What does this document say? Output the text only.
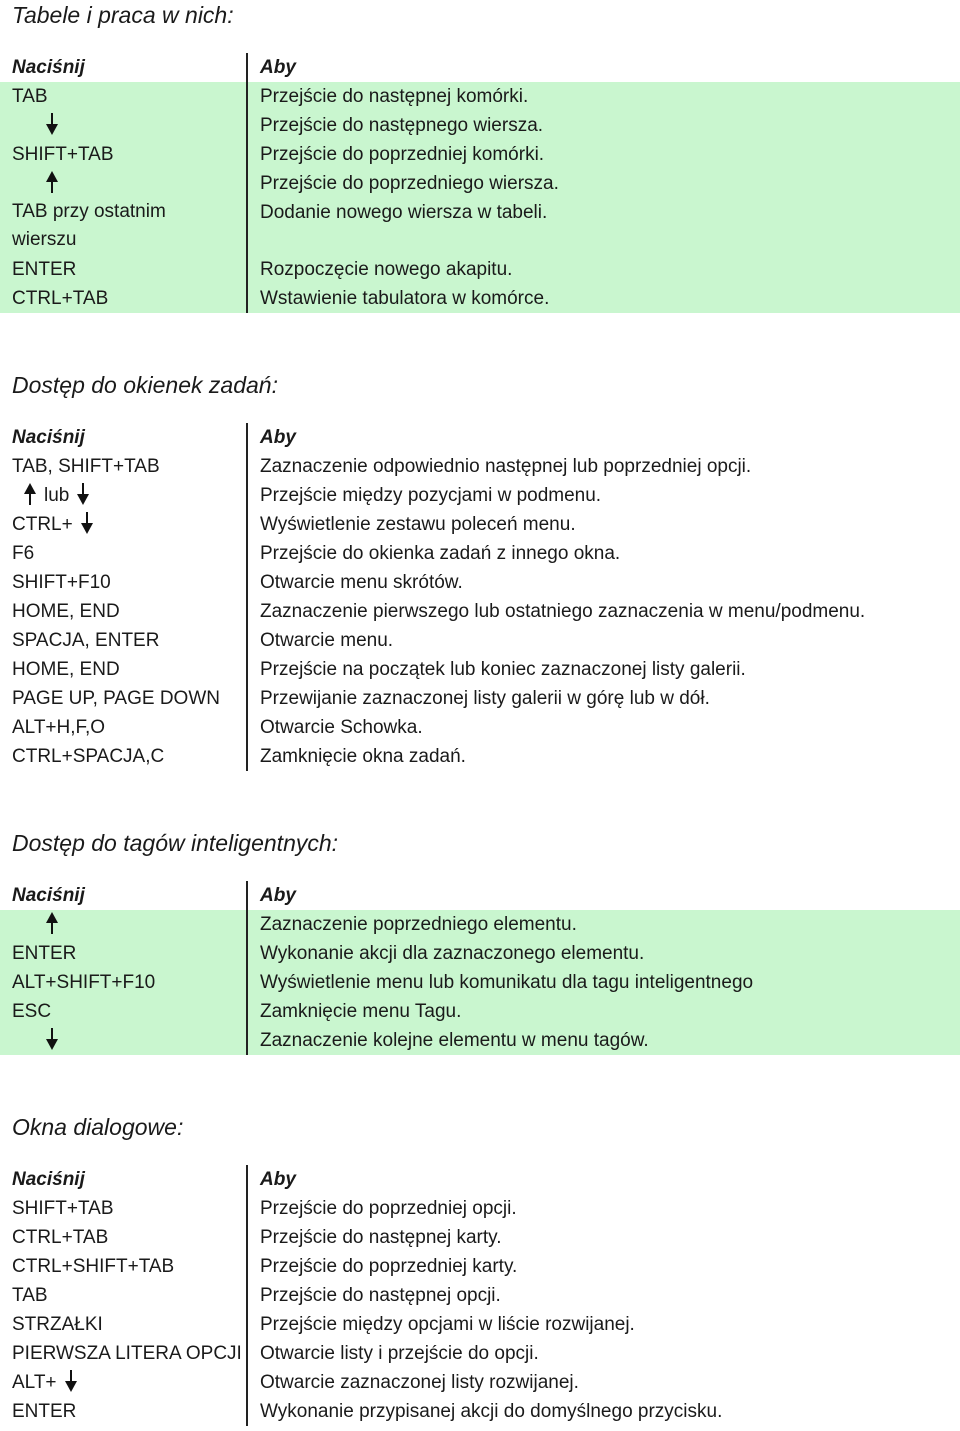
Tabele i praca w nich:
Naciśnij	Aby
TAB	Przejście do następnej komórki.
	Przejście do następnego wiersza.
SHIFT+TAB	Przejście do poprzedniej komórki.
	Przejście do poprzedniego wiersza.
TAB przy ostatnim wierszu	Dodanie nowego wiersza w tabeli.
ENTER	Rozpoczęcie nowego akapitu.
CTRL+TAB	Wstawienie tabulatora w komórce.
Dostęp do okienek zadań:
Naciśnij	Aby
TAB, SHIFT+TAB	Zaznaczenie odpowiednio następnej lub poprzedniej opcji.
lub	Przejście między pozycjami w podmenu.
CTRL+	Wyświetlenie zestawu poleceń menu.
F6	Przejście do okienka zadań z innego okna.
SHIFT+F10	Otwarcie menu skrótów.
HOME, END	Zaznaczenie pierwszego lub ostatniego zaznaczenia w menu/podmenu.
SPACJA, ENTER	Otwarcie menu.
HOME, END	Przejście na początek lub koniec zaznaczonej listy galerii.
PAGE UP, PAGE DOWN	Przewijanie zaznaczonej listy galerii w górę lub w dół.
ALT+H,F,O	Otwarcie Schowka.
CTRL+SPACJA,C	Zamknięcie okna zadań.
Dostęp do tagów inteligentnych:
Naciśnij	Aby
	Zaznaczenie poprzedniego elementu.
ENTER	Wykonanie akcji dla zaznaczonego elementu.
ALT+SHIFT+F10	Wyświetlenie menu lub komunikatu dla tagu inteligentnego
ESC	Zamknięcie menu Tagu.
	Zaznaczenie kolejne elementu w menu tagów.
Okna dialogowe:
Naciśnij	Aby
SHIFT+TAB	Przejście do poprzedniej opcji.
CTRL+TAB	Przejście do następnej karty.
CTRL+SHIFT+TAB	Przejście do poprzedniej karty.
TAB	Przejście do następnej opcji.
STRZAŁKI	Przejście między opcjami w liście rozwijanej.
PIERWSZA LITERA OPCJI	Otwarcie listy i przejście do opcji.
ALT+	Otwarcie zaznaczonej listy rozwijanej.
ENTER	Wykonanie przypisanej akcji do domyślnego przycisku.
